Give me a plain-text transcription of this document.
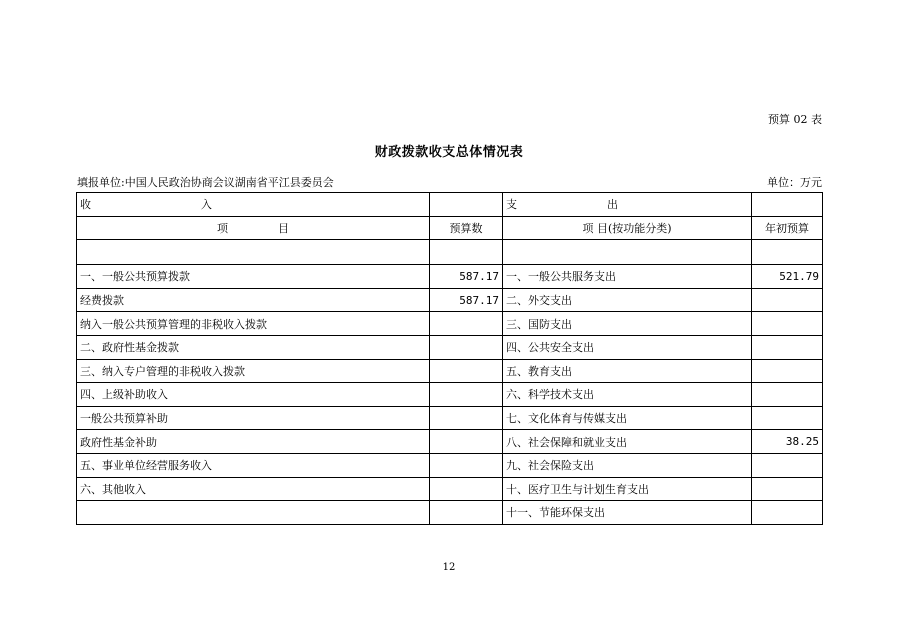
预算 02 表
财政拨款收支总体情况表
填报单位:中国人民政治协商会议湖南省平江县委员会	单位：万元
收 入		支 出	
项 目	预算数	项 目(按功能分类)	年初预算

一、一般公共预算拨款	587.17	一、一般公共服务支出	521.79
经费拨款	587.17	二、外交支出	
纳入一般公共预算管理的非税收入拨款		三、国防支出	
二、政府性基金拨款		四、公共安全支出	
三、纳入专户管理的非税收入拨款		五、教育支出	
四、上级补助收入		六、科学技术支出	
一般公共预算补助		七、文化体育与传媒支出	
政府性基金补助		八、社会保障和就业支出	38.25
五、事业单位经营服务收入		九、社会保险支出	
六、其他收入		十、医疗卫生与计划生育支出	
		十一、节能环保支出	
12
